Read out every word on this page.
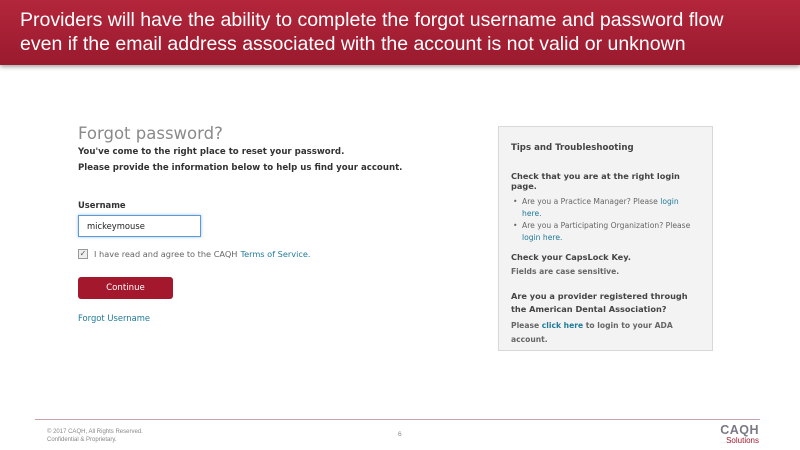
Providers will have the ability to complete the forgot username and password flow
even if the email address associated with the account is not valid or unknown
Forgot password?
You've come to the right place to reset your password.
Please provide the information below to help us find your account.
Username
mickeymouse
✓ I have read and agree to the CAQH Terms of Service.
Continue
Forgot Username
Tips and Troubleshooting
Check that you are at the right login page.
• Are you a Practice Manager? Please login here.
• Are you a Participating Organization? Please login here.
Check your CapsLock Key.
Fields are case sensitive.
Are you a provider registered through the American Dental Association?
Please click here to login to your ADA account.
© 2017 CAQH, All Rights Reserved.
Confidential & Proprietary.
6	CAQH
Solutions
